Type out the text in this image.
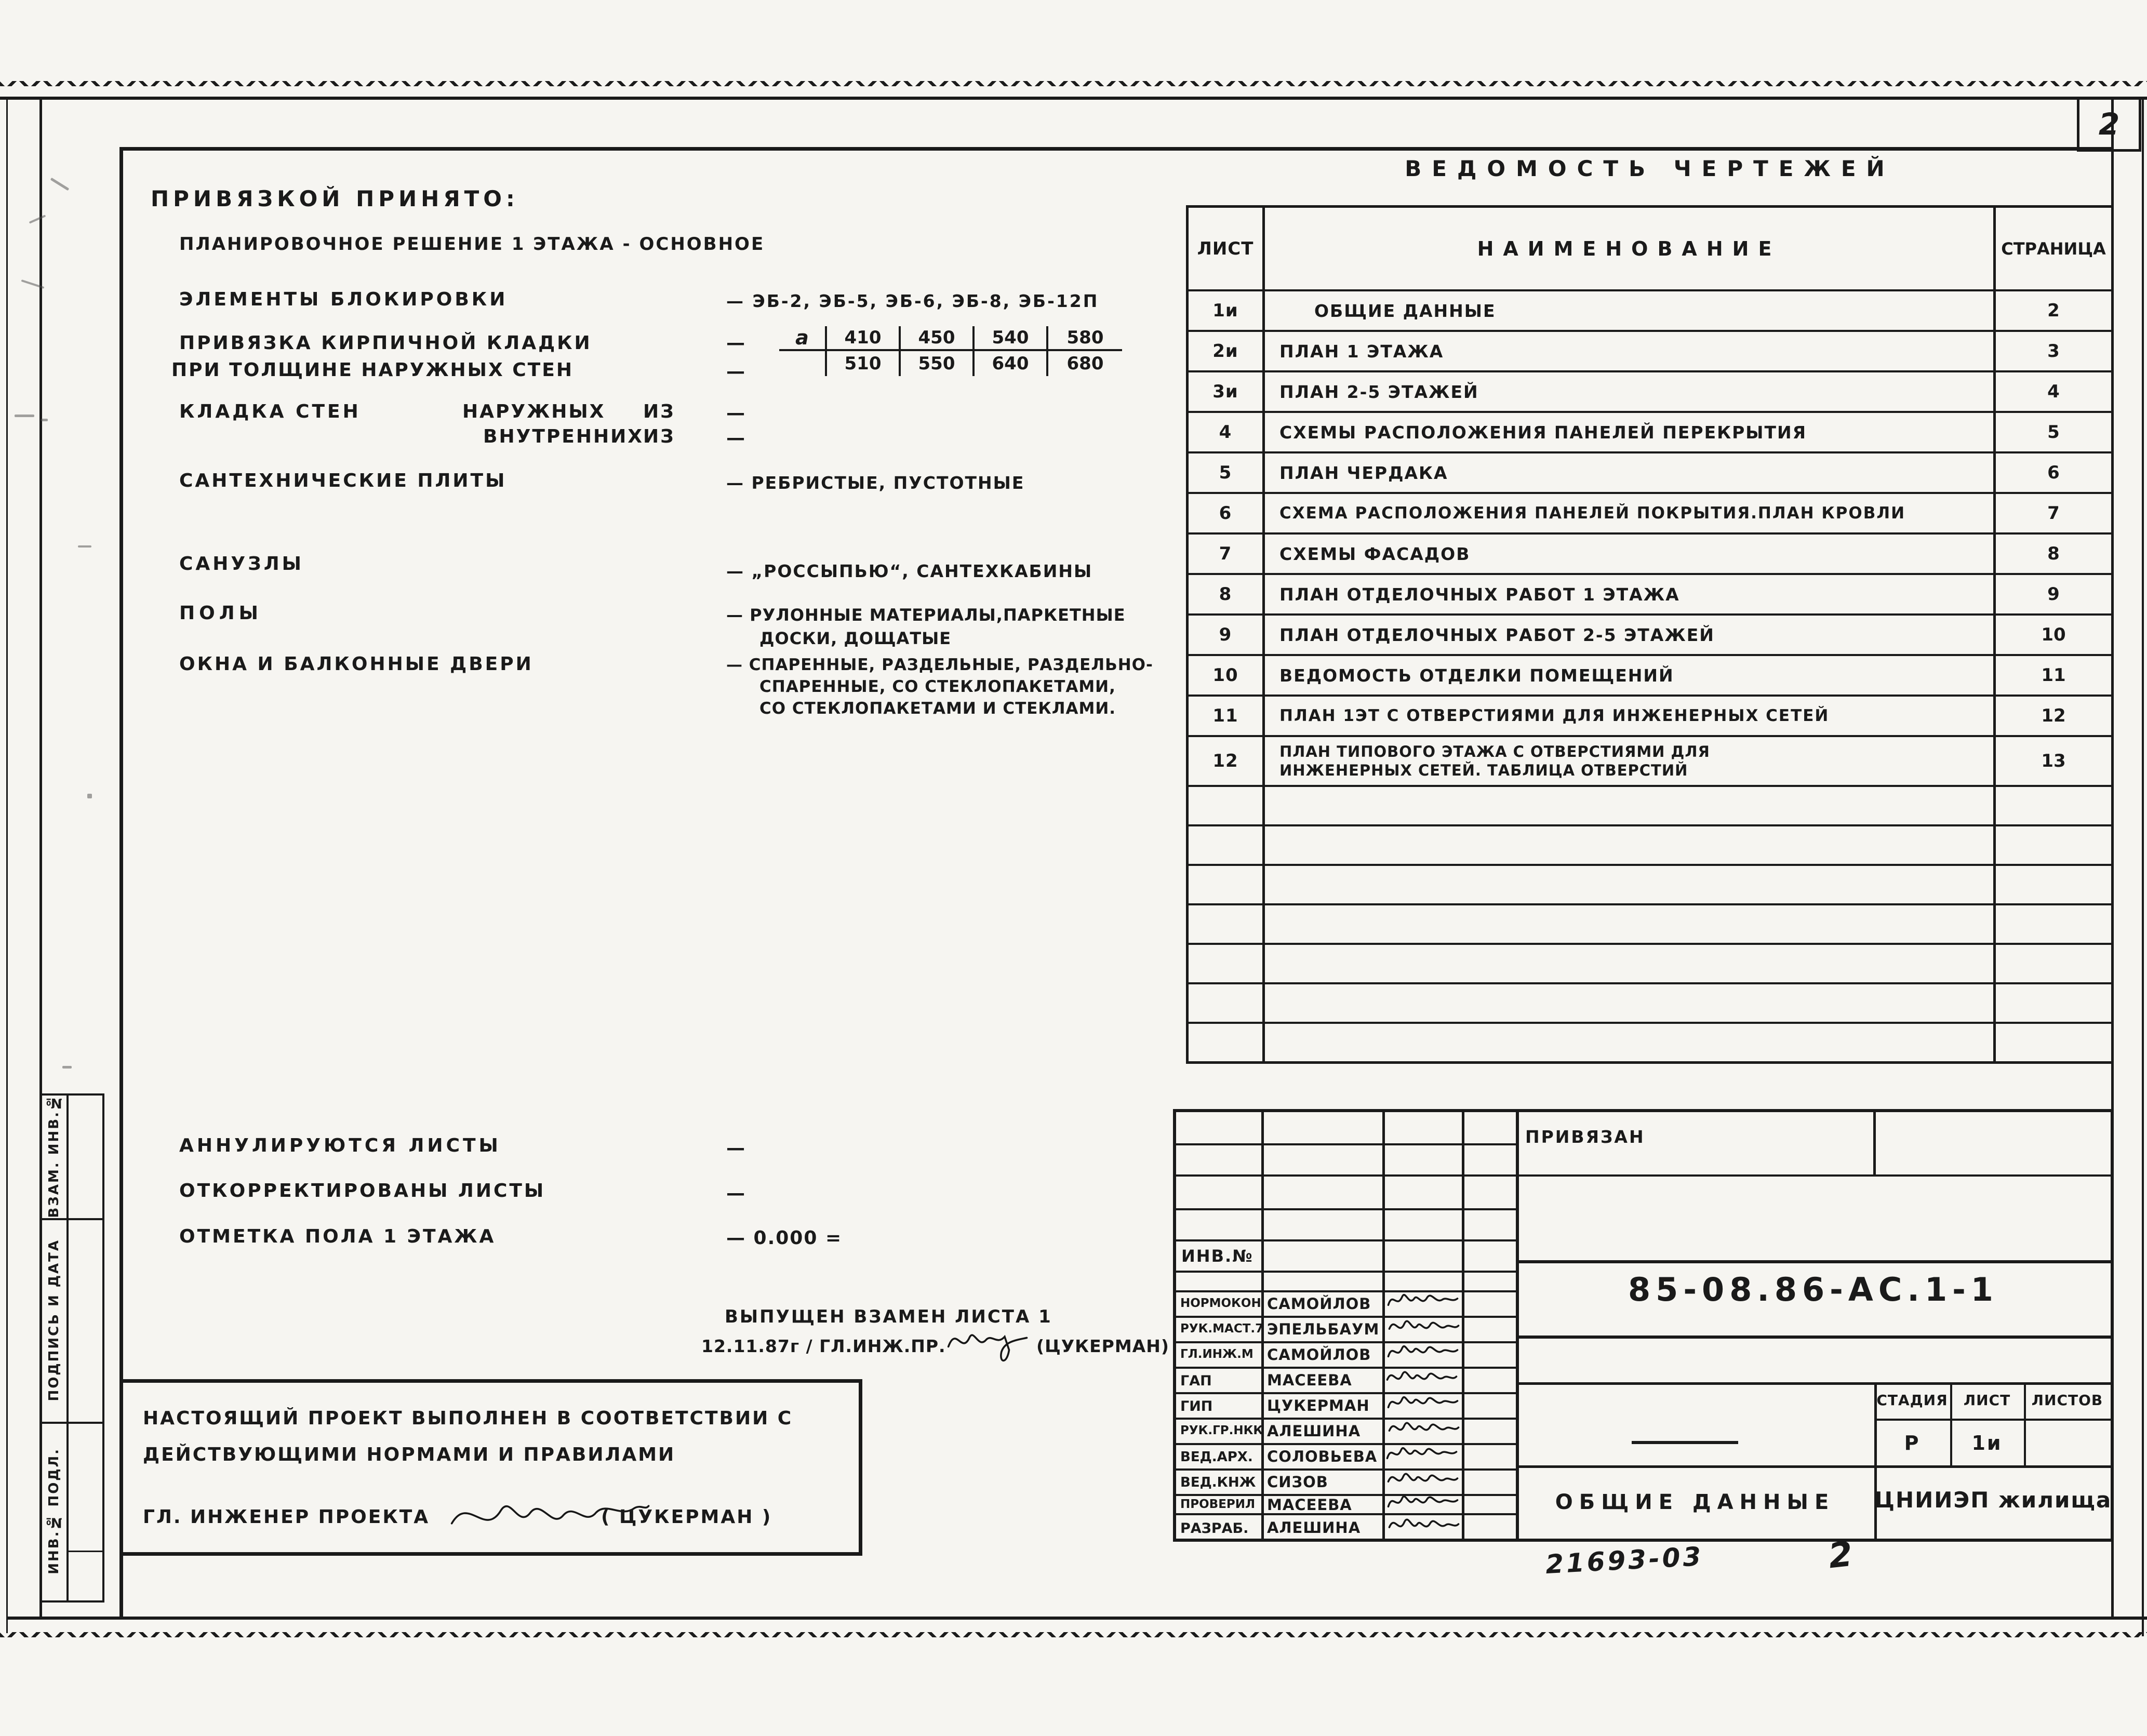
2
ВЗАМ. ИНВ.№
ПОДПИСЬ И ДАТА
ИНВ.№ ПОДЛ.
ПРИВЯЗКОЙ ПРИНЯТО:
ПЛАНИРОВОЧНОЕ РЕШЕНИЕ 1 ЭТАЖА - ОСНОВНОЕ
ЭЛЕМЕНТЫ БЛОКИРОВКИ	— ЭБ-2, ЭБ-5, ЭБ-6, ЭБ-8, ЭБ-12П
ПРИВЯЗКА КИРПИЧНОЙ КЛАДКИ
ПРИ ТОЛЩИНЕ НАРУЖНЫХ СТЕН
—
—
a	410	450	540	580
510	550	640	680
КЛАДКА СТЕН	НАРУЖНЫХ ИЗ	—
ВНУТРЕННИХ ИЗ	—
САНТЕХНИЧЕСКИЕ ПЛИТЫ	— РЕБРИСТЫЕ, ПУСТОТНЫЕ
САНУЗЛЫ	— „РОССЫПЬЮ“, САНТЕХКАБИНЫ
ПОЛЫ	— РУЛОННЫЕ МАТЕРИАЛЫ,ПАРКЕТНЫЕ
ДОСКИ, ДОЩАТЫЕ
ОКНА И БАЛКОННЫЕ ДВЕРИ	— СПАРЕННЫЕ, РАЗДЕЛЬНЫЕ, РАЗДЕЛЬНО-
СПАРЕННЫЕ, СО СТЕКЛОПАКЕТАМИ,
СО СТЕКЛОПАКЕТАМИ И СТЕКЛАМИ.
АННУЛИРУЮТСЯ ЛИСТЫ	—
ОТКОРРЕКТИРОВАНЫ ЛИСТЫ	—
ОТМЕТКА ПОЛА 1 ЭТАЖА	— 0.000 =
ВЫПУЩЕН ВЗАМЕН ЛИСТА 1
12.11.87г / ГЛ.ИНЖ.ПР.	(ЦУКЕРМАН)
ВЕДОМОСТЬ ЧЕРТЕЖЕЙ
ЛИСТ	НАИМЕНОВАНИЕ	СТРАНИЦА
1и	ОБЩИЕ ДАННЫЕ	2
2и	ПЛАН 1 ЭТАЖА	3
3и	ПЛАН 2-5 ЭТАЖЕЙ	4
4	СХЕМЫ РАСПОЛОЖЕНИЯ ПАНЕЛЕЙ ПЕРЕКРЫТИЯ	5
5	ПЛАН ЧЕРДАКА	6
6	СХЕМА РАСПОЛОЖЕНИЯ ПАНЕЛЕЙ ПОКРЫТИЯ.ПЛАН КРОВЛИ	7
7	СХЕМЫ ФАСАДОВ	8
8	ПЛАН ОТДЕЛОЧНЫХ РАБОТ 1 ЭТАЖА	9
9	ПЛАН ОТДЕЛОЧНЫХ РАБОТ 2-5 ЭТАЖЕЙ	10
10	ВЕДОМОСТЬ ОТДЕЛКИ ПОМЕЩЕНИЙ	11
11	ПЛАН 1ЭТ С ОТВЕРСТИЯМИ ДЛЯ ИНЖЕНЕРНЫХ СЕТЕЙ	12
12	ПЛАН ТИПОВОГО ЭТАЖА С ОТВЕРСТИЯМИ ДЛЯ
ИНЖЕНЕРНЫХ СЕТЕЙ. ТАБЛИЦА ОТВЕРСТИЙ	13
НАСТОЯЩИЙ ПРОЕКТ ВЫПОЛНЕН В СООТВЕТСТВИИ С
ДЕЙСТВУЮЩИМИ НОРМАМИ И ПРАВИЛАМИ
ГЛ. ИНЖЕНЕР ПРОЕКТА	( ЦУКЕРМАН )
ПРИВЯЗАН
ИНВ.№
85-08.86-АС.1-1
НОРМОКОН САМОЙЛОВ
РУК.МАСТ.7 ЭПЕЛЬБАУМ
ГЛ.ИНЖ.М САМОЙЛОВ
ГАП	МАСЕЕВА
ГИП	ЦУКЕРМАН
РУК.ГР.НКК АЛЕШИНА
ВЕД.АРХ. СОЛОВЬЕВА
ВЕД.КНЖ СИЗОВ
ПРОВЕРИЛ МАСЕЕВА
РАЗРАБ. АЛЕШИНА
СТАДИЯ	ЛИСТ	ЛИСТОВ
Р	1и
ОБЩИЕ ДАННЫЕ	ЦНИИЭП жилища
21693-03	2
